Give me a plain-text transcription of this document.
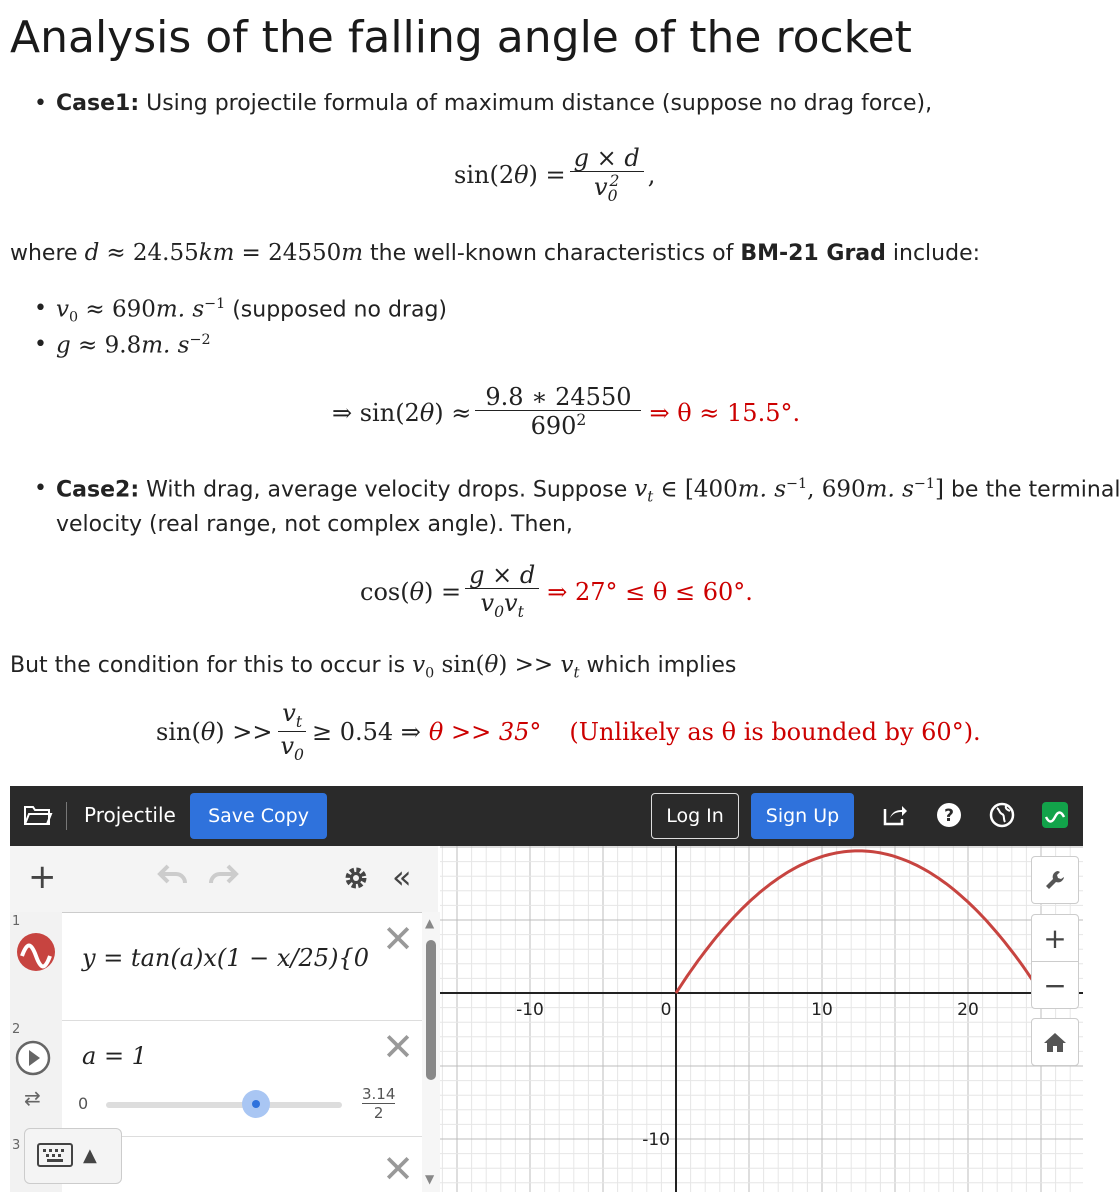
Analysis of the falling angle of the rocket
• Case1: Using projectile formula of maximum distance (suppose no drag force),
$\sin(2\theta) = \frac{g \times d}{v_0^2}$ ,
where d ≈ 24.55km = 24550m the well-known characteristics of BM-21 Grad include:
• $v_0 \approx 690m$. $s^{-1}$ (supposed no drag)
• g ≈ 9.8m. $s^{-2}$
⇒ $\sin(2\theta) \approx \frac{9.8 ∗ 24550}{690^2}$ ⇒ θ ≈ 15.5°.
• Case2: With drag, average velocity drops. Suppose $v_t$ ∈ [400m. $s^{-1}$, 690m. $s^{-1}$] be the terminal
velocity (real range, not complex angle). Then,
$\cos(\theta) = \frac{g \times d}{v_0v_t}$ ⇒ 27° ≤ θ ≤ 60°.
But the condition for this to occur is $v_0$ $\sin(\theta) >> v_t$ which implies
$\sin(\theta) >> \frac{v_t}{v_0} \ge 0.54$ ⇒ θ >> 35° (Unlikely as θ is bounded by 60°).
Projectile	Save Copy	Log In	Sign Up	?
+	«
1
y = tan(a)x(1 − x/25){0 ✕
2
⇄
a = 1	✕
0	$\frac{3.14}{2}$
3
✕
▲
▲
▼
-10	0	10	20
-10
+
−
